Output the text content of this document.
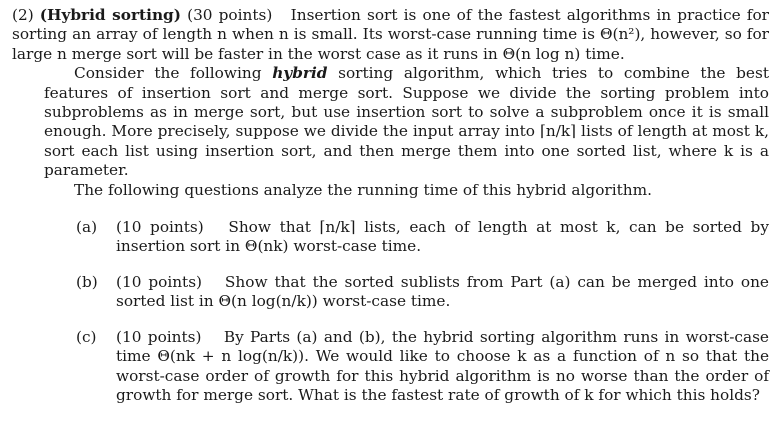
(2) (Hybrid sorting) (30 points) Insertion sort is one of the fastest algorithms in practice for sorting an array of length n when n is small. Its worst-case running time is Θ(n²), however, so for large n merge sort will be faster in the worst case as it runs in Θ(n log n) time.

Consider the following hybrid sorting algorithm, which tries to combine the best features of insertion sort and merge sort. Suppose we divide the sorting problem into subproblems as in merge sort, but use insertion sort to solve a subproblem once it is small enough. More precisely, suppose we divide the input array into ⌈n/k⌉ lists of length at most k, sort each list using insertion sort, and then merge them into one sorted list, where k is a parameter.

The following questions analyze the running time of this hybrid algorithm.

(a)	(10 points) Show that ⌈n/k⌉ lists, each of length at most k, can be sorted by insertion sort in Θ(nk) worst-case time.
(b)	(10 points) Show that the sorted sublists from Part (a) can be merged into one sorted list in Θ(n log(n/k)) worst-case time.
(c)	(10 points) By Parts (a) and (b), the hybrid sorting algorithm runs in worst-case time Θ(nk + n log(n/k)). We would like to choose k as a function of n so that the worst-case order of growth for this hybrid algorithm is no worse than the order of growth for merge sort. What is the fastest rate of growth of k for which this holds?
